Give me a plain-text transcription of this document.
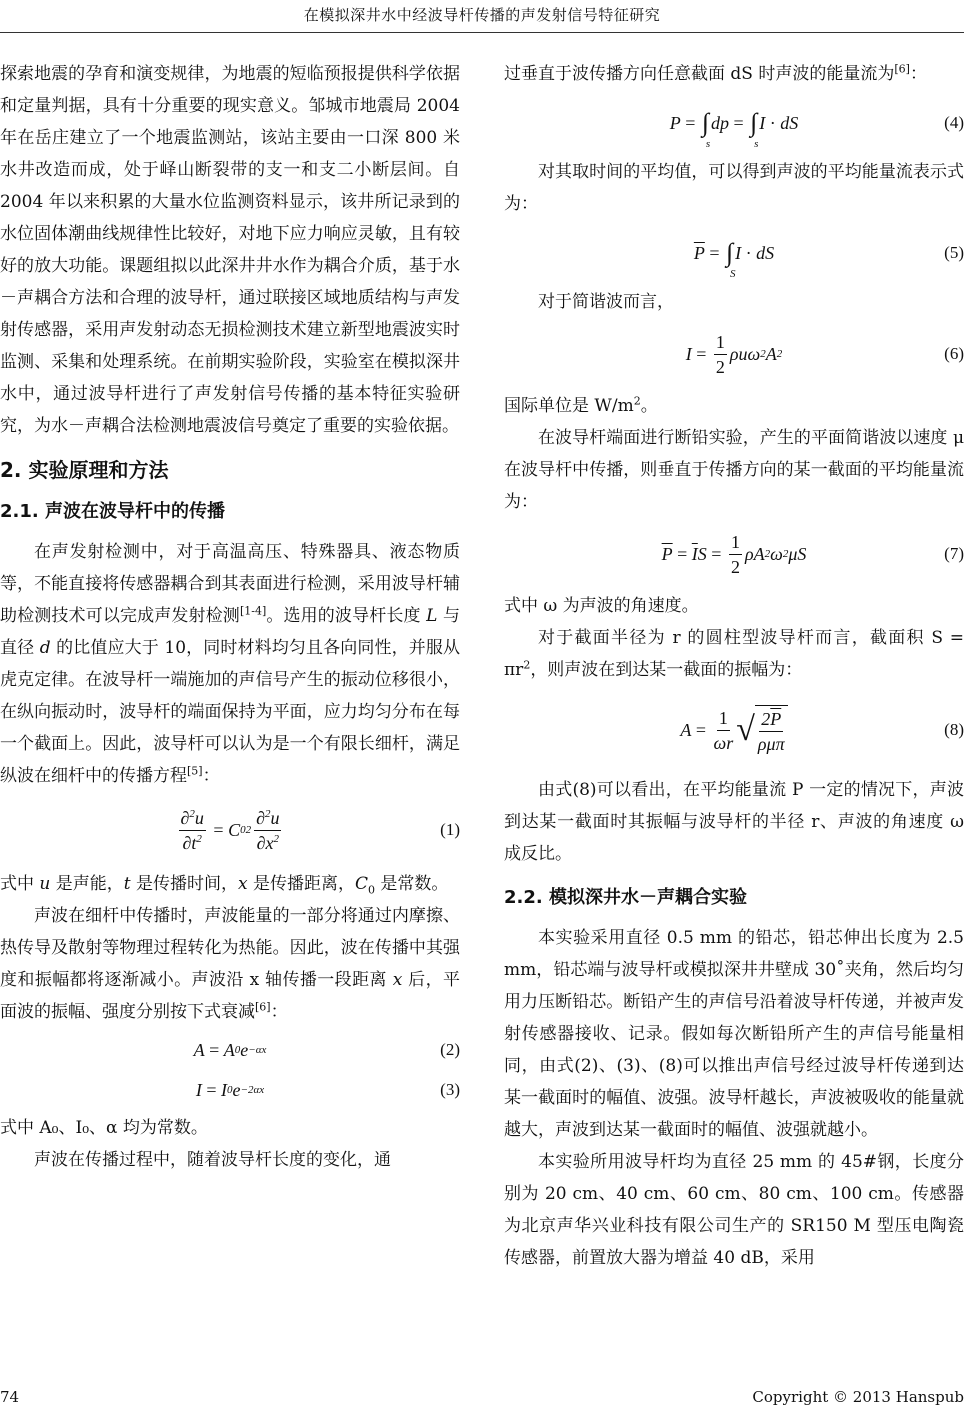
在模拟深井水中经波导杆传播的声发射信号特征研究

探索地震的孕育和演变规律，为地震的短临预报提供科学依据和定量判据，具有十分重要的现实意义。邹城市地震局 2004 年在岳庄建立了一个地震监测站，该站主要由一口深 800 米水井改造而成，处于峄山断裂带的支一和支二小断层间。自 2004 年以来积累的大量水位监测资料显示，该井所记录到的水位固体潮曲线规律性比较好，对地下应力响应灵敏，且有较好的放大功能。课题组拟以此深井井水作为耦合介质，基于水－声耦合方法和合理的波导杆，通过联接区域地质结构与声发射传感器，采用声发射动态无损检测技术建立新型地震波实时监测、采集和处理系统。在前期实验阶段，实验室在模拟深井水中，通过波导杆进行了声发射信号传播的基本特征实验研究，为水－声耦合法检测地震波信号奠定了重要的实验依据。

2. 实验原理和方法
2.1. 声波在波导杆中的传播

在声发射检测中，对于高温高压、特殊器具、液态物质等，不能直接将传感器耦合到其表面进行检测，采用波导杆辅助检测技术可以完成声发射检测[1-4]。选用的波导杆长度 L 与直径 d 的比值应大于 10，同时材料均匀且各向同性，并服从虎克定律。在波导杆一端施加的声信号产生的振动位移很小，在纵向振动时，波导杆的端面保持为平面，应力均匀分布在每一个截面上。因此，波导杆可以认为是一个有限长细杆，满足纵波在细杆中的传播方程[5]：

$\frac{\partial^2u}{\partial t^2} = C$ 0 $2 \frac{\partial^2u}{\partial x^2}$	(1)

式中 u 是声能，t 是传播时间，x 是传播距离，$C_0$ 是常数。

声波在细杆中传播时，声波能量的一部分将通过内摩擦、热传导及散射等物理过程转化为热能。因此，波在传播中其强度和振幅都将逐渐减小。声波沿 x 轴传播一段距离 x 后，平面波的振幅、强度分别按下式衰减[6]：

A = A 0 e −αx	(2)
I = I 0 e −2αx	(3)

式中 A₀、I₀、α 均为常数。

声波在传播过程中，随着波导杆长度的变化，通

过垂直于波传播方向任意截面 dS 时声波的能量流为[6]：

P = ∫
s
d p = ∫
s
I · dS	(4)

对其取时间的平均值，可以得到声波的平均能量流表示式为：

$\overline{P}$ = ∫
S
I · dS	(5)

对于简谐波而言，

$I = \frac{1}{2}$ ρuω 2 A 2	(6)

国际单位是 $W/m^2$。

在波导杆端面进行断铅实验，产生的平面简谐波以速度 μ 在波导杆中传播，则垂直于传播方向的某一截面的平均能量流为：

$\overline{P} = \overline{I}$ $S = \frac{1}{2}$ ρA 2 ω 2 μS	(7)

式中 ω 为声波的角速度。

对于截面半径为 r 的圆柱型波导杆而言，截面积 $S = \pi r^2$，则声波在到达某一截面的振幅为：

$A = \frac{1}{\omega r}$ √ $\frac{2\overline{P}}{\text{ρμπ}}$	(8)

由式(8)可以看出，在平均能量流 P 一定的情况下，声波到达某一截面时其振幅与波导杆的半径 r、声波的角速度 ω 成反比。

2.2. 模拟深井水－声耦合实验

本实验采用直径 0.5 mm 的铅芯，铅芯伸出长度为 2.5 mm，铅芯端与波导杆或模拟深井井壁成 30˚夹角，然后均匀用力压断铅芯。断铅产生的声信号沿着波导杆传递，并被声发射传感器接收、记录。假如每次断铅所产生的声信号能量相同，由式(2)、(3)、(8)可以推出声信号经过波导杆传递到达某一截面时的幅值、波强。波导杆越长，声波被吸收的能量就越大，声波到达某一截面时的幅值、波强就越小。

本实验所用波导杆均为直径 25 mm 的 45#钢，长度分别为 20 cm、40 cm、60 cm、80 cm、100 cm。传感器为北京声华兴业科技有限公司生产的 SR150 M 型压电陶瓷传感器，前置放大器为增益 40 dB，采用

74	Copyright © 2013 Hanspub
